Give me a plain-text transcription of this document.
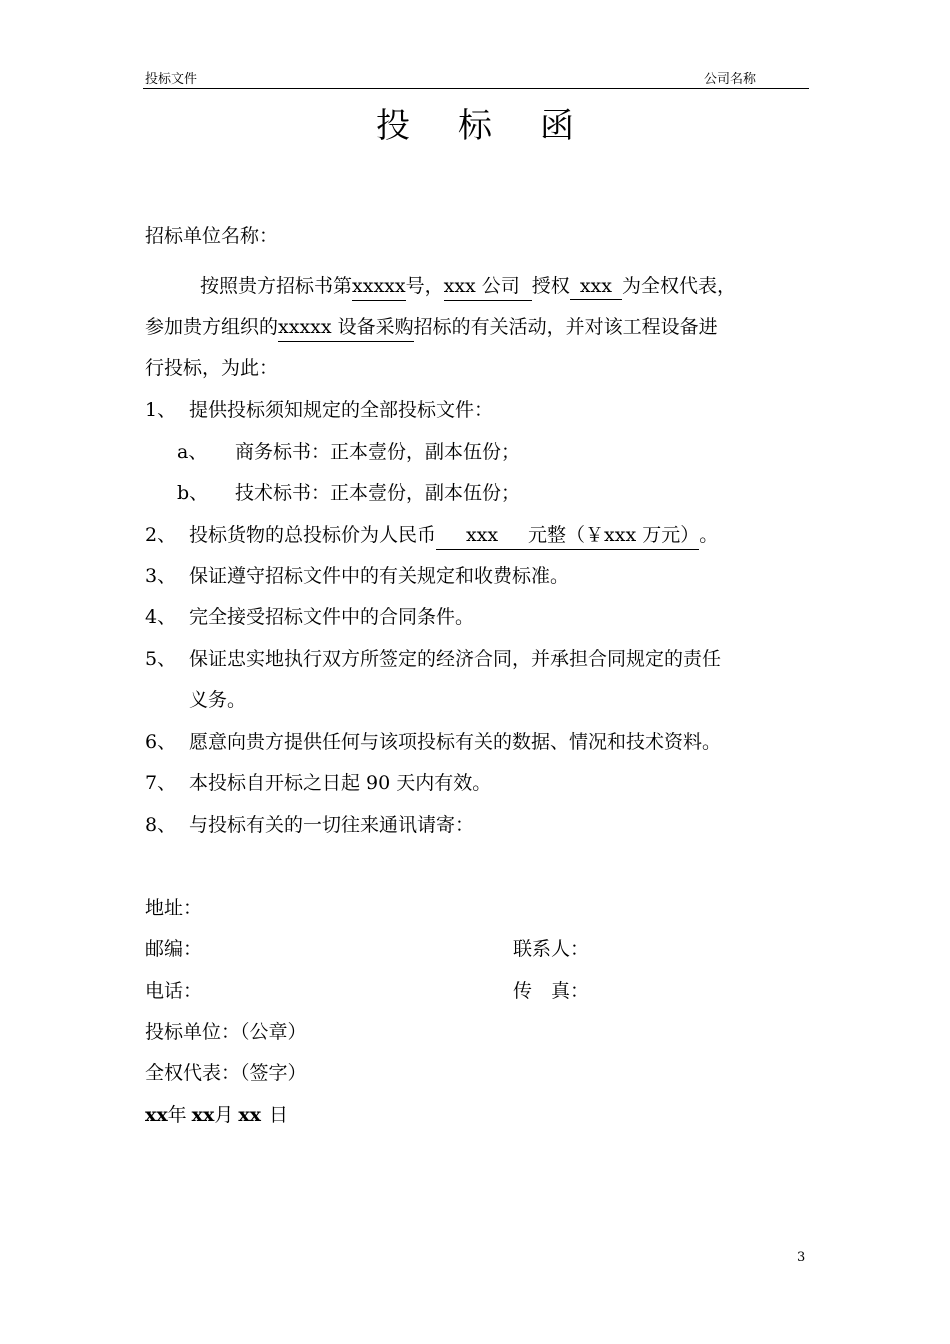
投标文件	公司名称
投 标 函
招标单位名称：
按照贵方招标书第xxxxx号，xxx 公司 授权 xxx 为全权代表，
参加贵方组织的xxxxx 设备采购招标的有关活动，并对该工程设备进
行投标，为此：
1、 提供投标须知规定的全部投标文件：
a、 商务标书：正本壹份，副本伍份；
b、 技术标书：正本壹份，副本伍份；
2、 投标货物的总投标价为人民币 xxx 元整（￥xxx 万元）。
3、 保证遵守招标文件中的有关规定和收费标准。
4、 完全接受招标文件中的合同条件。
5、 保证忠实地执行双方所签定的经济合同，并承担合同规定的责任
义务。
6、 愿意向贵方提供任何与该项投标有关的数据、情况和技术资料。
7、 本投标自开标之日起 90 天内有效。
8、 与投标有关的一切往来通讯请寄：
地址：
邮编：	联系人：
电话：	传　真：
投标单位：（公章）
全权代表：（签字）
xx年 xx月 xx 日
3
